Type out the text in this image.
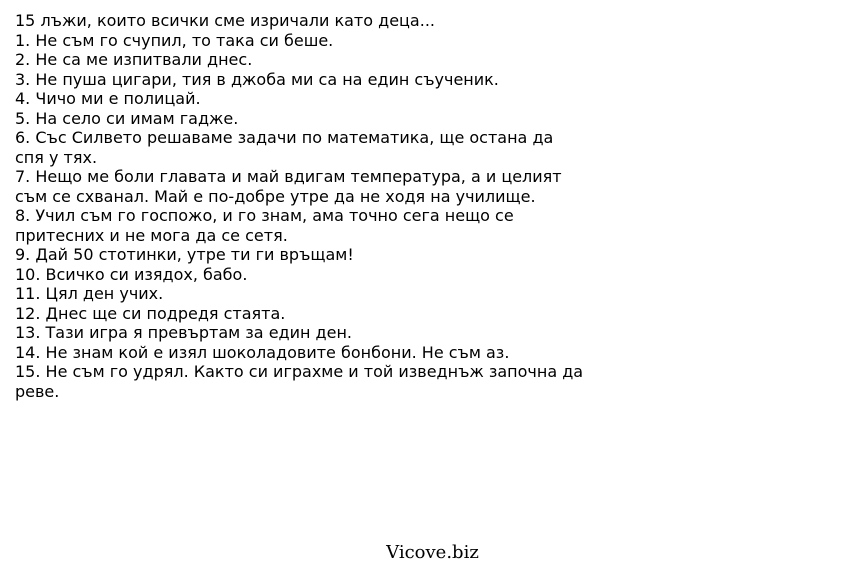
15 лъжи, които всички сме изричали като деца...

1. Не съм го счупил, то така си беше.

2. Не са ме изпитвали днес.

3. Не пуша цигари, тия в джоба ми са на един съученик.

4. Чичо ми е полицай.

5. На село си имам гадже.

6. Със Силвето решаваме задачи по математика, ще остана да спя у тях.

7. Нещо ме боли главата и май вдигам температура, а и целият съм се схванал. Май е по-добре утре да не ходя на училище.

8. Учил съм го госпожо, и го знам, ама точно сега нещо се притесних и не мога да се сетя.

9. Дай 50 стотинки, утре ти ги връщам!

10. Всичко си изядох, бабо.

11. Цял ден учих.

12. Днес ще си подредя стаята.

13. Тази игра я превъртам за един ден.

14. Не знам кой е изял шоколадовите бонбони. Не съм аз.

15. Не съм го удрял. Както си играхме и той изведнъж започна да реве.

Vicove.biz
